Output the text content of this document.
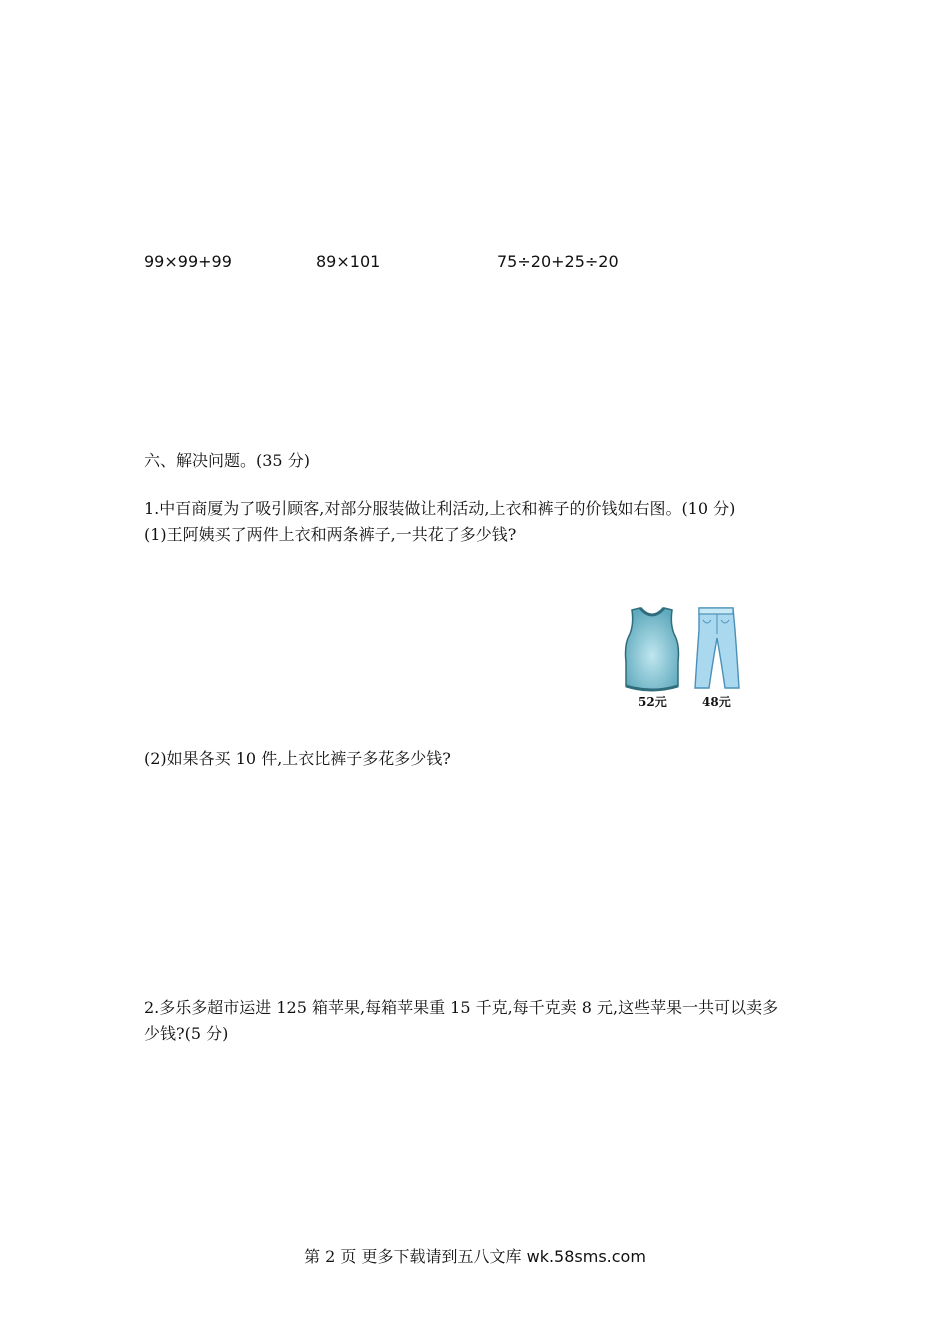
99×99+99	89×101	75÷20+25÷20
六、解决问题。(35 分)
1.中百商厦为了吸引顾客,对部分服装做让利活动,上衣和裤子的价钱如右图。(10 分)
(1)王阿姨买了两件上衣和两条裤子,一共花了多少钱?
52元	48元
(2)如果各买 10 件,上衣比裤子多花多少钱?
2.多乐多超市运进 125 箱苹果,每箱苹果重 15 千克,每千克卖 8 元,这些苹果一共可以卖多
少钱?(5 分)
第 2 页 更多下载请到五八文库 wk.58sms.com
